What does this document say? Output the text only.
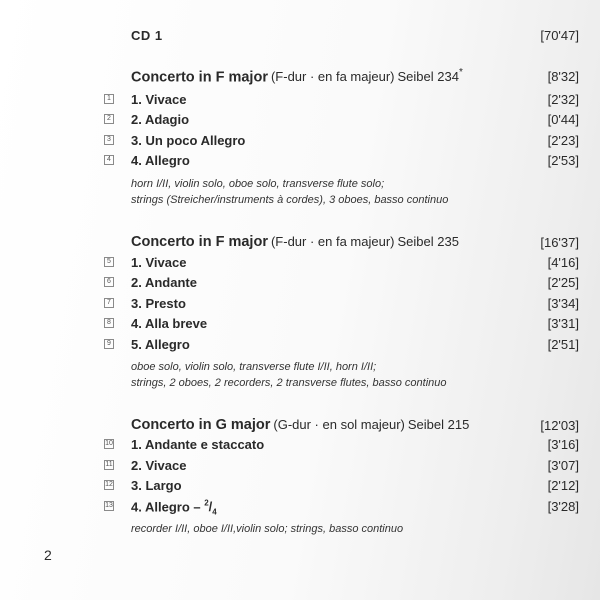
CD 1	[70'47]
Concerto in F major (F-dur · en fa majeur) Seibel 234*	[8'32]
1 1. Vivace	[2'32]
2 2. Adagio	[0'44]
3 3. Un poco Allegro	[2'23]
4 4. Allegro	[2'53]
horn I/II, violin solo, oboe solo, transverse flute solo;
strings (Streicher/instruments à cordes), 3 oboes, basso continuo
Concerto in F major (F-dur · en fa majeur) Seibel 235	[16'37]
5 1. Vivace	[4'16]
6 2. Andante	[2'25]
7 3. Presto	[3'34]
8 4. Alla breve	[3'31]
9 5. Allegro	[2'51]
oboe solo, violin solo, transverse flute I/II, horn I/II;
strings, 2 oboes, 2 recorders, 2 transverse flutes, basso continuo
Concerto in G major (G-dur · en sol majeur) Seibel 215	[12'03]
10 1. Andante e staccato	[3'16]
11 2. Vivace	[3'07]
12 3. Largo	[2'12]
13 4. Allegro – $^2/_4$	[3'28]
recorder I/II, oboe I/II,violin solo; strings, basso continuo
2
